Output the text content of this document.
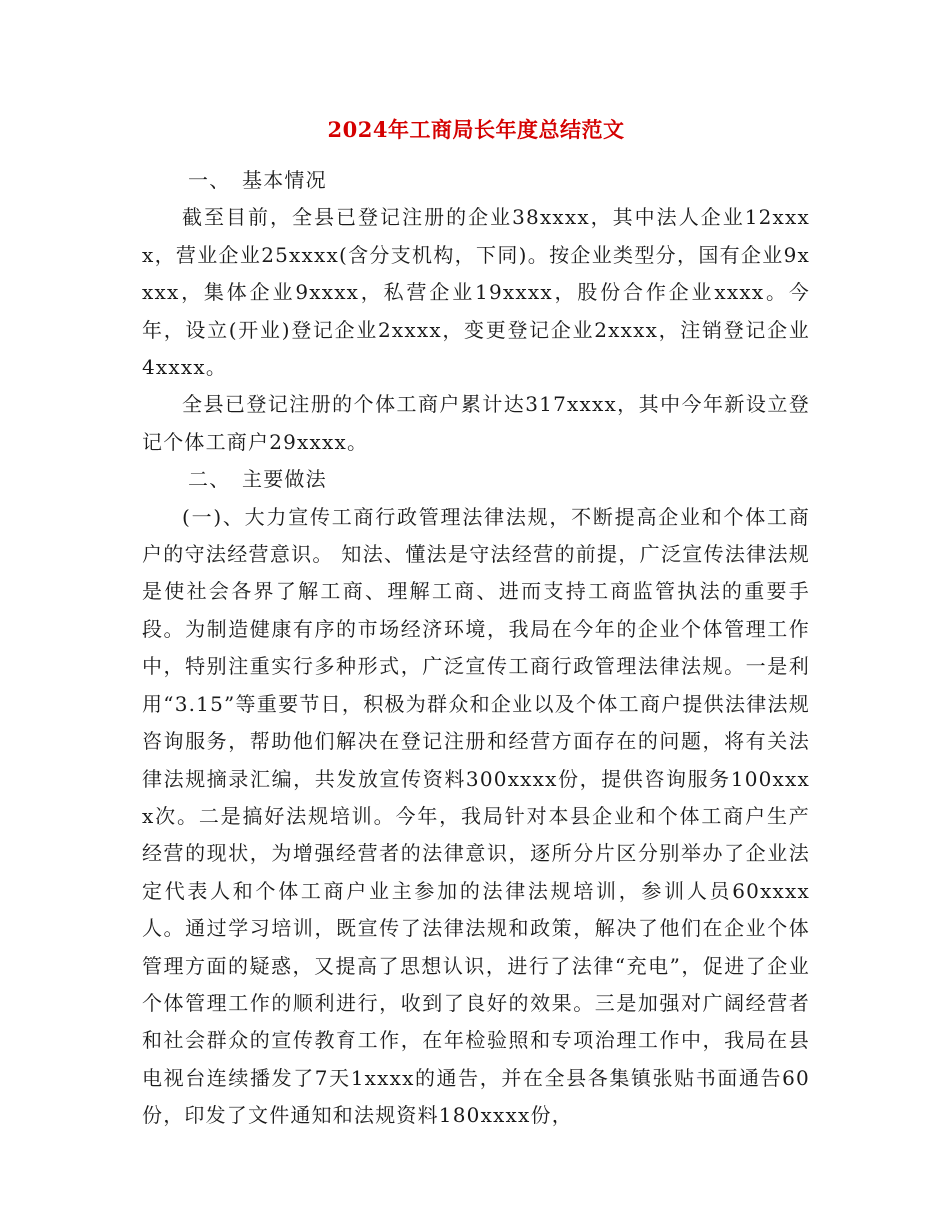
2024年工商局长年度总结范文
一、 基本情况

截至目前，全县已登记注册的企业38xxxx，其中法人企业12xxxx，营业企业25xxxx(含分支机构，下同)。按企业类型分，国有企业9xxxx，集体企业9xxxx，私营企业19xxxx，股份合作企业xxxx。今年，设立(开业)登记企业2xxxx，变更登记企业2xxxx，注销登记企业4xxxx。

全县已登记注册的个体工商户累计达317xxxx，其中今年新设立登记个体工商户29xxxx。

二、 主要做法

(一)、大力宣传工商行政管理法律法规，不断提高企业和个体工商户的守法经营意识。 知法、懂法是守法经营的前提，广泛宣传法律法规是使社会各界了解工商、理解工商、进而支持工商监管执法的重要手段。为制造健康有序的市场经济环境，我局在今年的企业个体管理工作中，特别注重实行多种形式，广泛宣传工商行政管理法律法规。一是利用“3.15”等重要节日，积极为群众和企业以及个体工商户提供法律法规咨询服务，帮助他们解决在登记注册和经营方面存在的问题，将有关法律法规摘录汇编，共发放宣传资料300xxxx份，提供咨询服务100xxxx次。二是搞好法规培训。今年，我局针对本县企业和个体工商户生产经营的现状，为增强经营者的法律意识，逐所分片区分别举办了企业法定代表人和个体工商户业主参加的法律法规培训，参训人员60xxxx人。通过学习培训，既宣传了法律法规和政策，解决了他们在企业个体管理方面的疑惑，又提高了思想认识，进行了法律“充电”，促进了企业个体管理工作的顺利进行，收到了良好的效果。三是加强对广阔经营者和社会群众的宣传教育工作，在年检验照和专项治理工作中，我局在县电视台连续播发了7天1xxxx的通告，并在全县各集镇张贴书面通告60份，印发了文件通知和法规资料180xxxx份，
